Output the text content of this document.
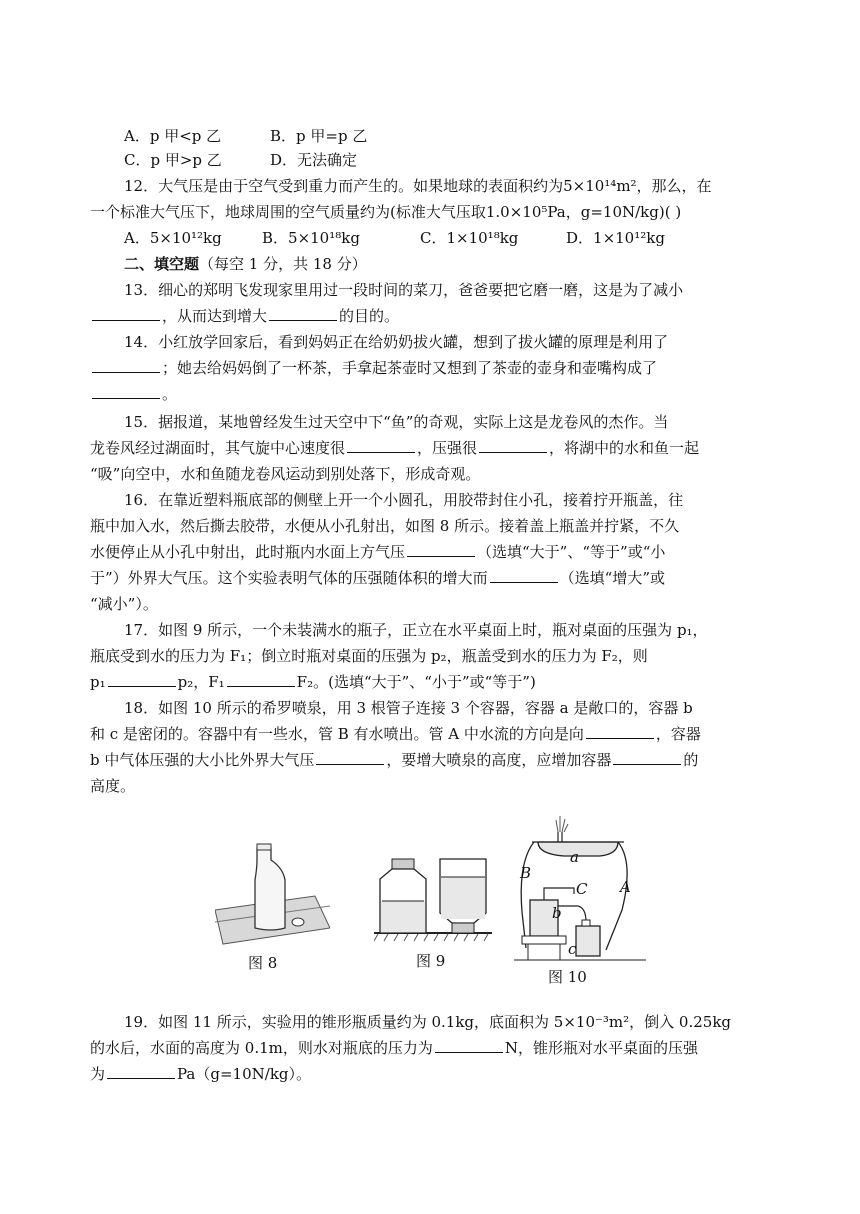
A．p 甲<p 乙	B．p 甲=p 乙
C．p 甲>p 乙	D．无法确定
12．大气压是由于空气受到重力而产生的。如果地球的表面积约为5×10¹⁴m²，那么，在
一个标准大气压下，地球周围的空气质量约为(标准大气压取1.0×10⁵Pa，g=10N/kg)( )
A．5×10¹²kg	B．5×10¹⁸kg	C．1×10¹⁸kg	D．1×10¹²kg
二、填空题（每空 1 分，共 18 分）
13．细心的郑明飞发现家里用过一段时间的菜刀，爸爸要把它磨一磨，这是为了减小
，从而达到增大	的目的。
14．小红放学回家后，看到妈妈正在给奶奶拔火罐，想到了拔火罐的原理是利用了
；她去给妈妈倒了一杯茶，手拿起茶壶时又想到了茶壶的壶身和壶嘴构成了
。
15．据报道，某地曾经发生过天空中下“鱼”的奇观，实际上这是龙卷风的杰作。当
龙卷风经过湖面时，其气旋中心速度很	，压强很	，将湖中的水和鱼一起
“吸”向空中，水和鱼随龙卷风运动到别处落下，形成奇观。
16．在靠近塑料瓶底部的侧壁上开一个小圆孔，用胶带封住小孔，接着拧开瓶盖，往
瓶中加入水，然后撕去胶带，水便从小孔射出，如图 8 所示。接着盖上瓶盖并拧紧，不久
水便停止从小孔中射出，此时瓶内水面上方气压	（选填“大于”、“等于”或“小
于”）外界大气压。这个实验表明气体的压强随体积的增大而	（选填“增大”或
“减小”）。
17．如图 9 所示，一个未装满水的瓶子，正立在水平桌面上时，瓶对桌面的压强为 p₁，
瓶底受到水的压力为 F₁；倒立时瓶对桌面的压强为 p₂，瓶盖受到水的压力为 F₂，则
p₁	p₂，F₁	F₂。(选填“大于”、“小于”或“等于”)
18．如图 10 所示的希罗喷泉，用 3 根管子连接 3 个容器，容器 a 是敞口的，容器 b
和 c 是密闭的。容器中有一些水，管 B 有水喷出。管 A 中水流的方向是向	，容器
b 中气体压强的大小比外界大气压	，要增大喷泉的高度，应增加容器	的
高度。
图 8	图 9
a
B
C A
b
c
图 10
19．如图 11 所示，实验用的锥形瓶质量约为 0.1kg，底面积为 5×10⁻³m²，倒入 0.25kg
的水后，水面的高度为 0.1m，则水对瓶底的压力为	N，锥形瓶对水平桌面的压强
为	Pa（g=10N/kg）。
